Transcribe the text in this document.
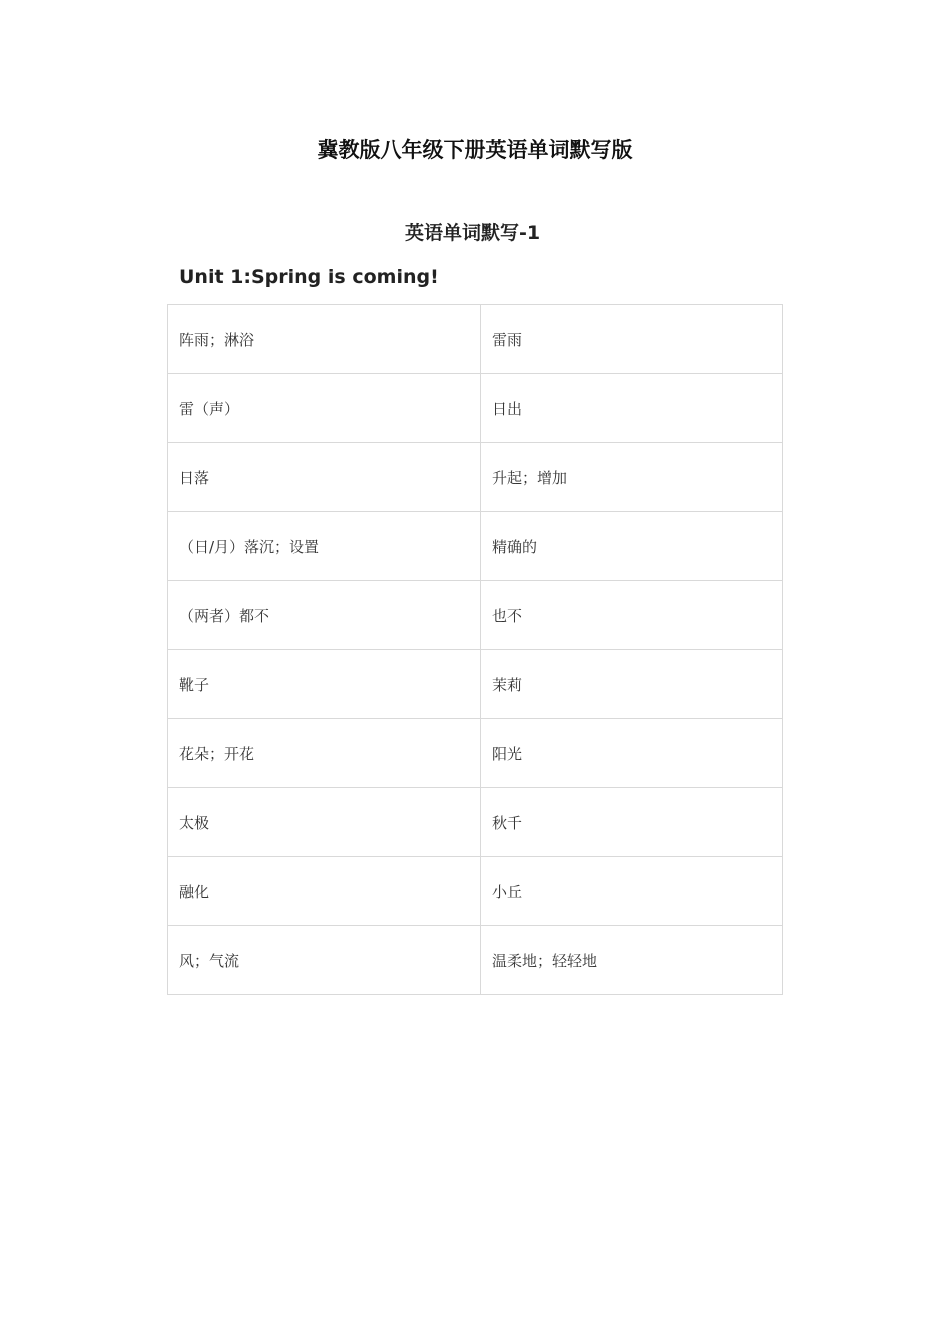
冀教版八年级下册英语单词默写版
英语单词默写-1
Unit 1:Spring is coming!
阵雨；淋浴	雷雨
雷（声）	日出
日落	升起；增加
（日/月）落沉；设置	精确的
（两者）都不	也不
靴子	茉莉
花朵；开花	阳光
太极	秋千
融化	小丘
风；气流	温柔地；轻轻地
